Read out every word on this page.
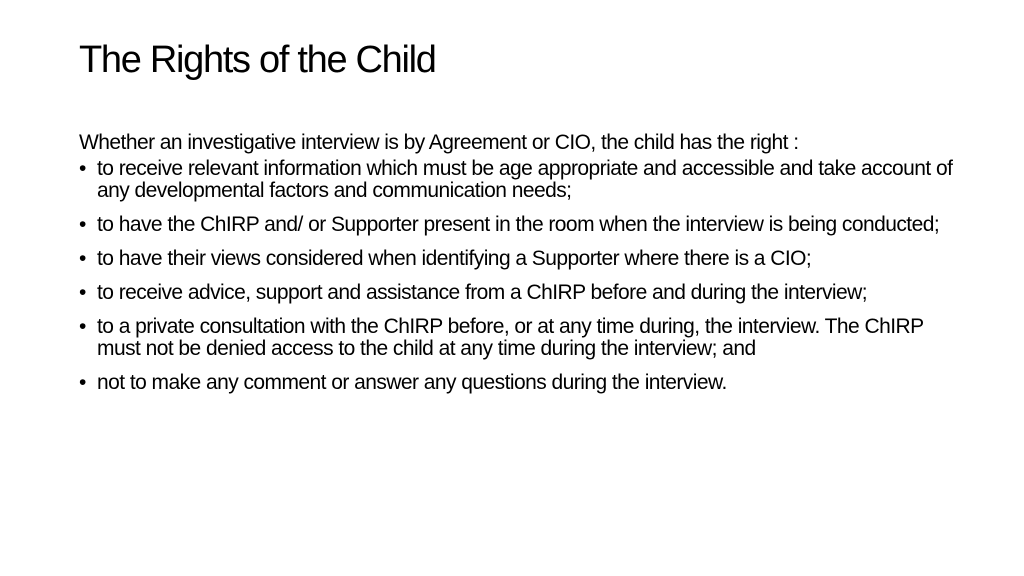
The Rights of the Child

Whether an investigative interview is by Agreement or CIO, the child has the right :

• to receive relevant information which must be age appropriate and accessible and take account of any developmental factors and communication needs;
• to have the ChIRP and/ or Supporter present in the room when the interview is being conducted;
• to have their views considered when identifying a Supporter where there is a CIO;
• to receive advice, support and assistance from a ChIRP before and during the interview;
• to a private consultation with the ChIRP before, or at any time during, the interview. The ChIRP must not be denied access to the child at any time during the interview; and
• not to make any comment or answer any questions during the interview.
